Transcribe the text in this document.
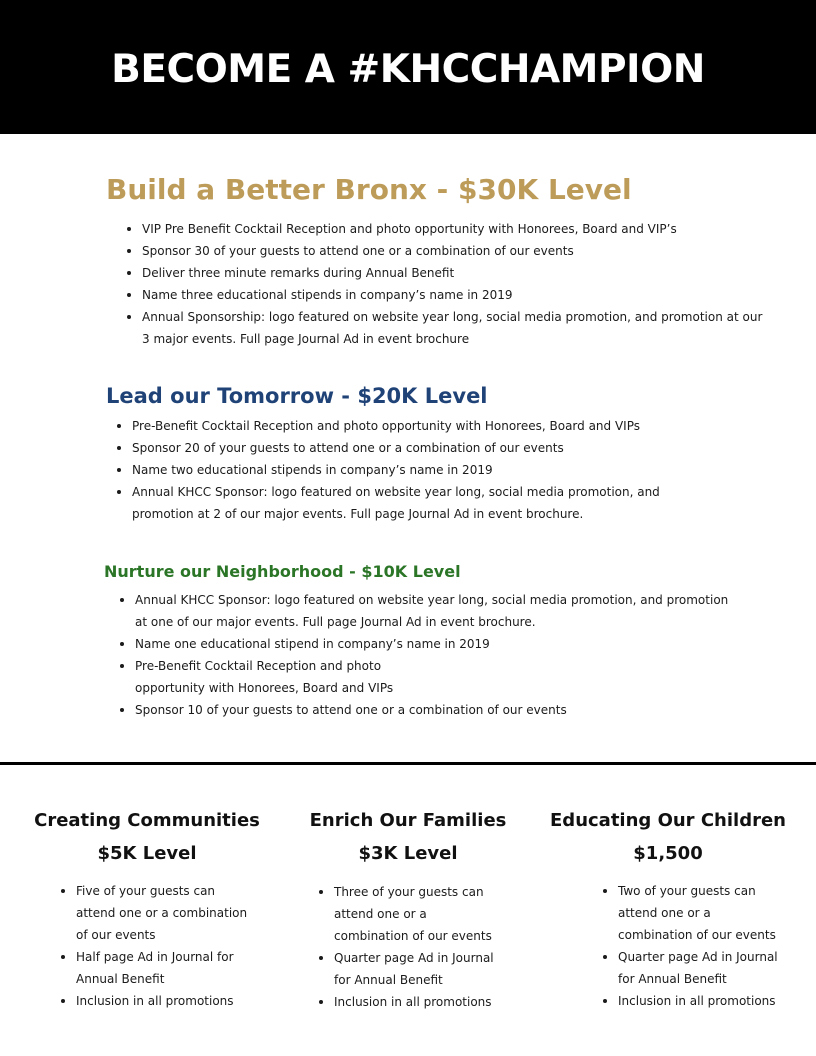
BECOME A #KHCCHAMPION
Build a Better Bronx - $30K Level
VIP Pre Benefit Cocktail Reception and photo opportunity with Honorees, Board and VIP’s
Sponsor 30 of your guests to attend one or a combination of our events
Deliver three minute remarks during Annual Benefit
Name three educational stipends in company’s name in 2019
Annual Sponsorship: logo featured on website year long, social media promotion, and promotion at our 3 major events. Full page Journal Ad in event brochure
Lead our Tomorrow - $20K Level
Pre-Benefit Cocktail Reception and photo opportunity with Honorees, Board and VIPs
Sponsor 20 of your guests to attend one or a combination of our events
Name two educational stipends in company’s name in 2019
Annual KHCC Sponsor: logo featured on website year long, social media promotion, and promotion at 2 of our major events. Full page Journal Ad in event brochure.
Nurture our Neighborhood - $10K Level
Annual KHCC Sponsor: logo featured on website year long, social media promotion, and promotion at one of our major events. Full page Journal Ad in event brochure.
Name one educational stipend in company’s name in 2019
Pre-Benefit Cocktail Reception and photo opportunity with Honorees, Board and VIPs
Sponsor 10 of your guests to attend one or a combination of our events
Creating Communities
$5K Level
Five of your guests can attend one or a combination of our events
Half page Ad in Journal for Annual Benefit
Inclusion in all promotions
Enrich Our Families
$3K Level
Three of your guests can attend one or a combination of our events
Quarter page Ad in Journal for Annual Benefit
Inclusion in all promotions
Educating Our Children
$1,500
Two of your guests can attend one or a combination of our events
Quarter page Ad in Journal for Annual Benefit
Inclusion in all promotions
